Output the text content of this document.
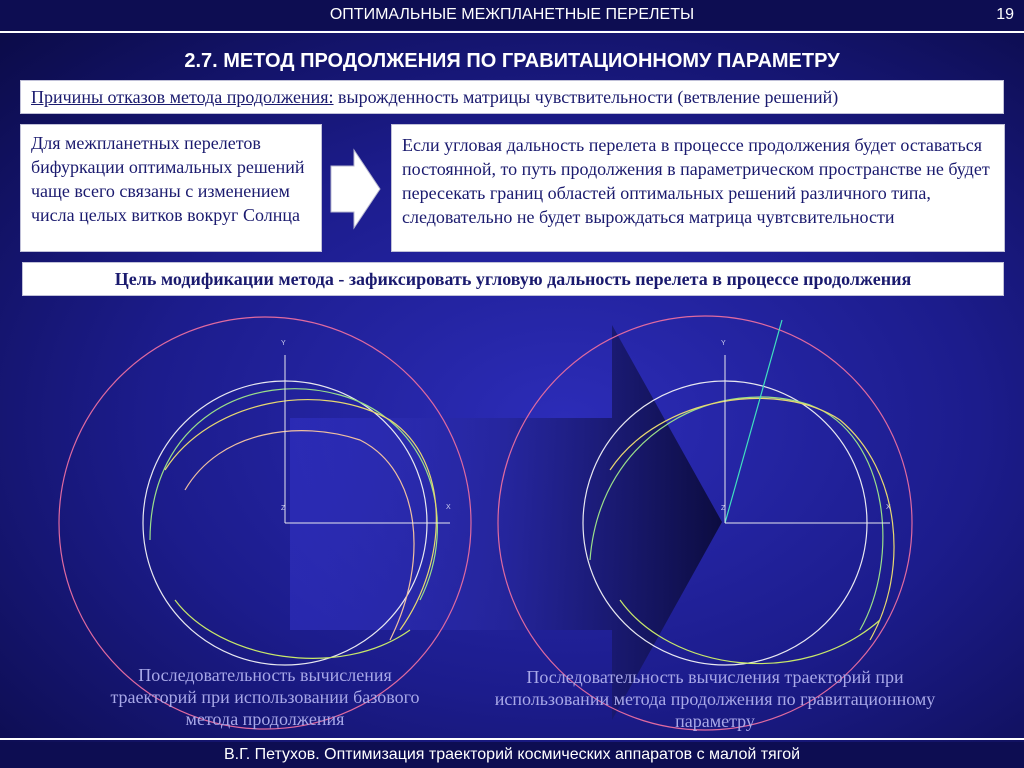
ОПТИМАЛЬНЫЕ МЕЖПЛАНЕТНЫЕ ПЕРЕЛЕТЫ	19
2.7. МЕТОД ПРОДОЛЖЕНИЯ ПО ГРАВИТАЦИОННОМУ ПАРАМЕТРУ
Причины отказов метода продолжения: вырожденность матрицы чувствительности (ветвление решений)
Для межпланетных перелетов бифуркации оптимальных решений чаще всего связаны с изменением числа целых витков вокруг Солнца
Y
X
Z
Y
X
Z
Если угловая дальность перелета в процессе продолжения будет оставаться постоянной, то путь продолжения в параметрическом пространстве не будет пересекать границ областей оптимальных решений различного типа, следовательно не будет вырождаться матрица чувтсвительности
Цель модификации метода - зафиксировать угловую дальность перелета в процессе продолжения
Последовательность вычисления траекторий при использовании базового метода продолжения
Последовательность вычисления траекторий при использовании метода продолжения по гравитационному параметру
В.Г. Петухов. Оптимизация траекторий космических аппаратов с малой тягой
